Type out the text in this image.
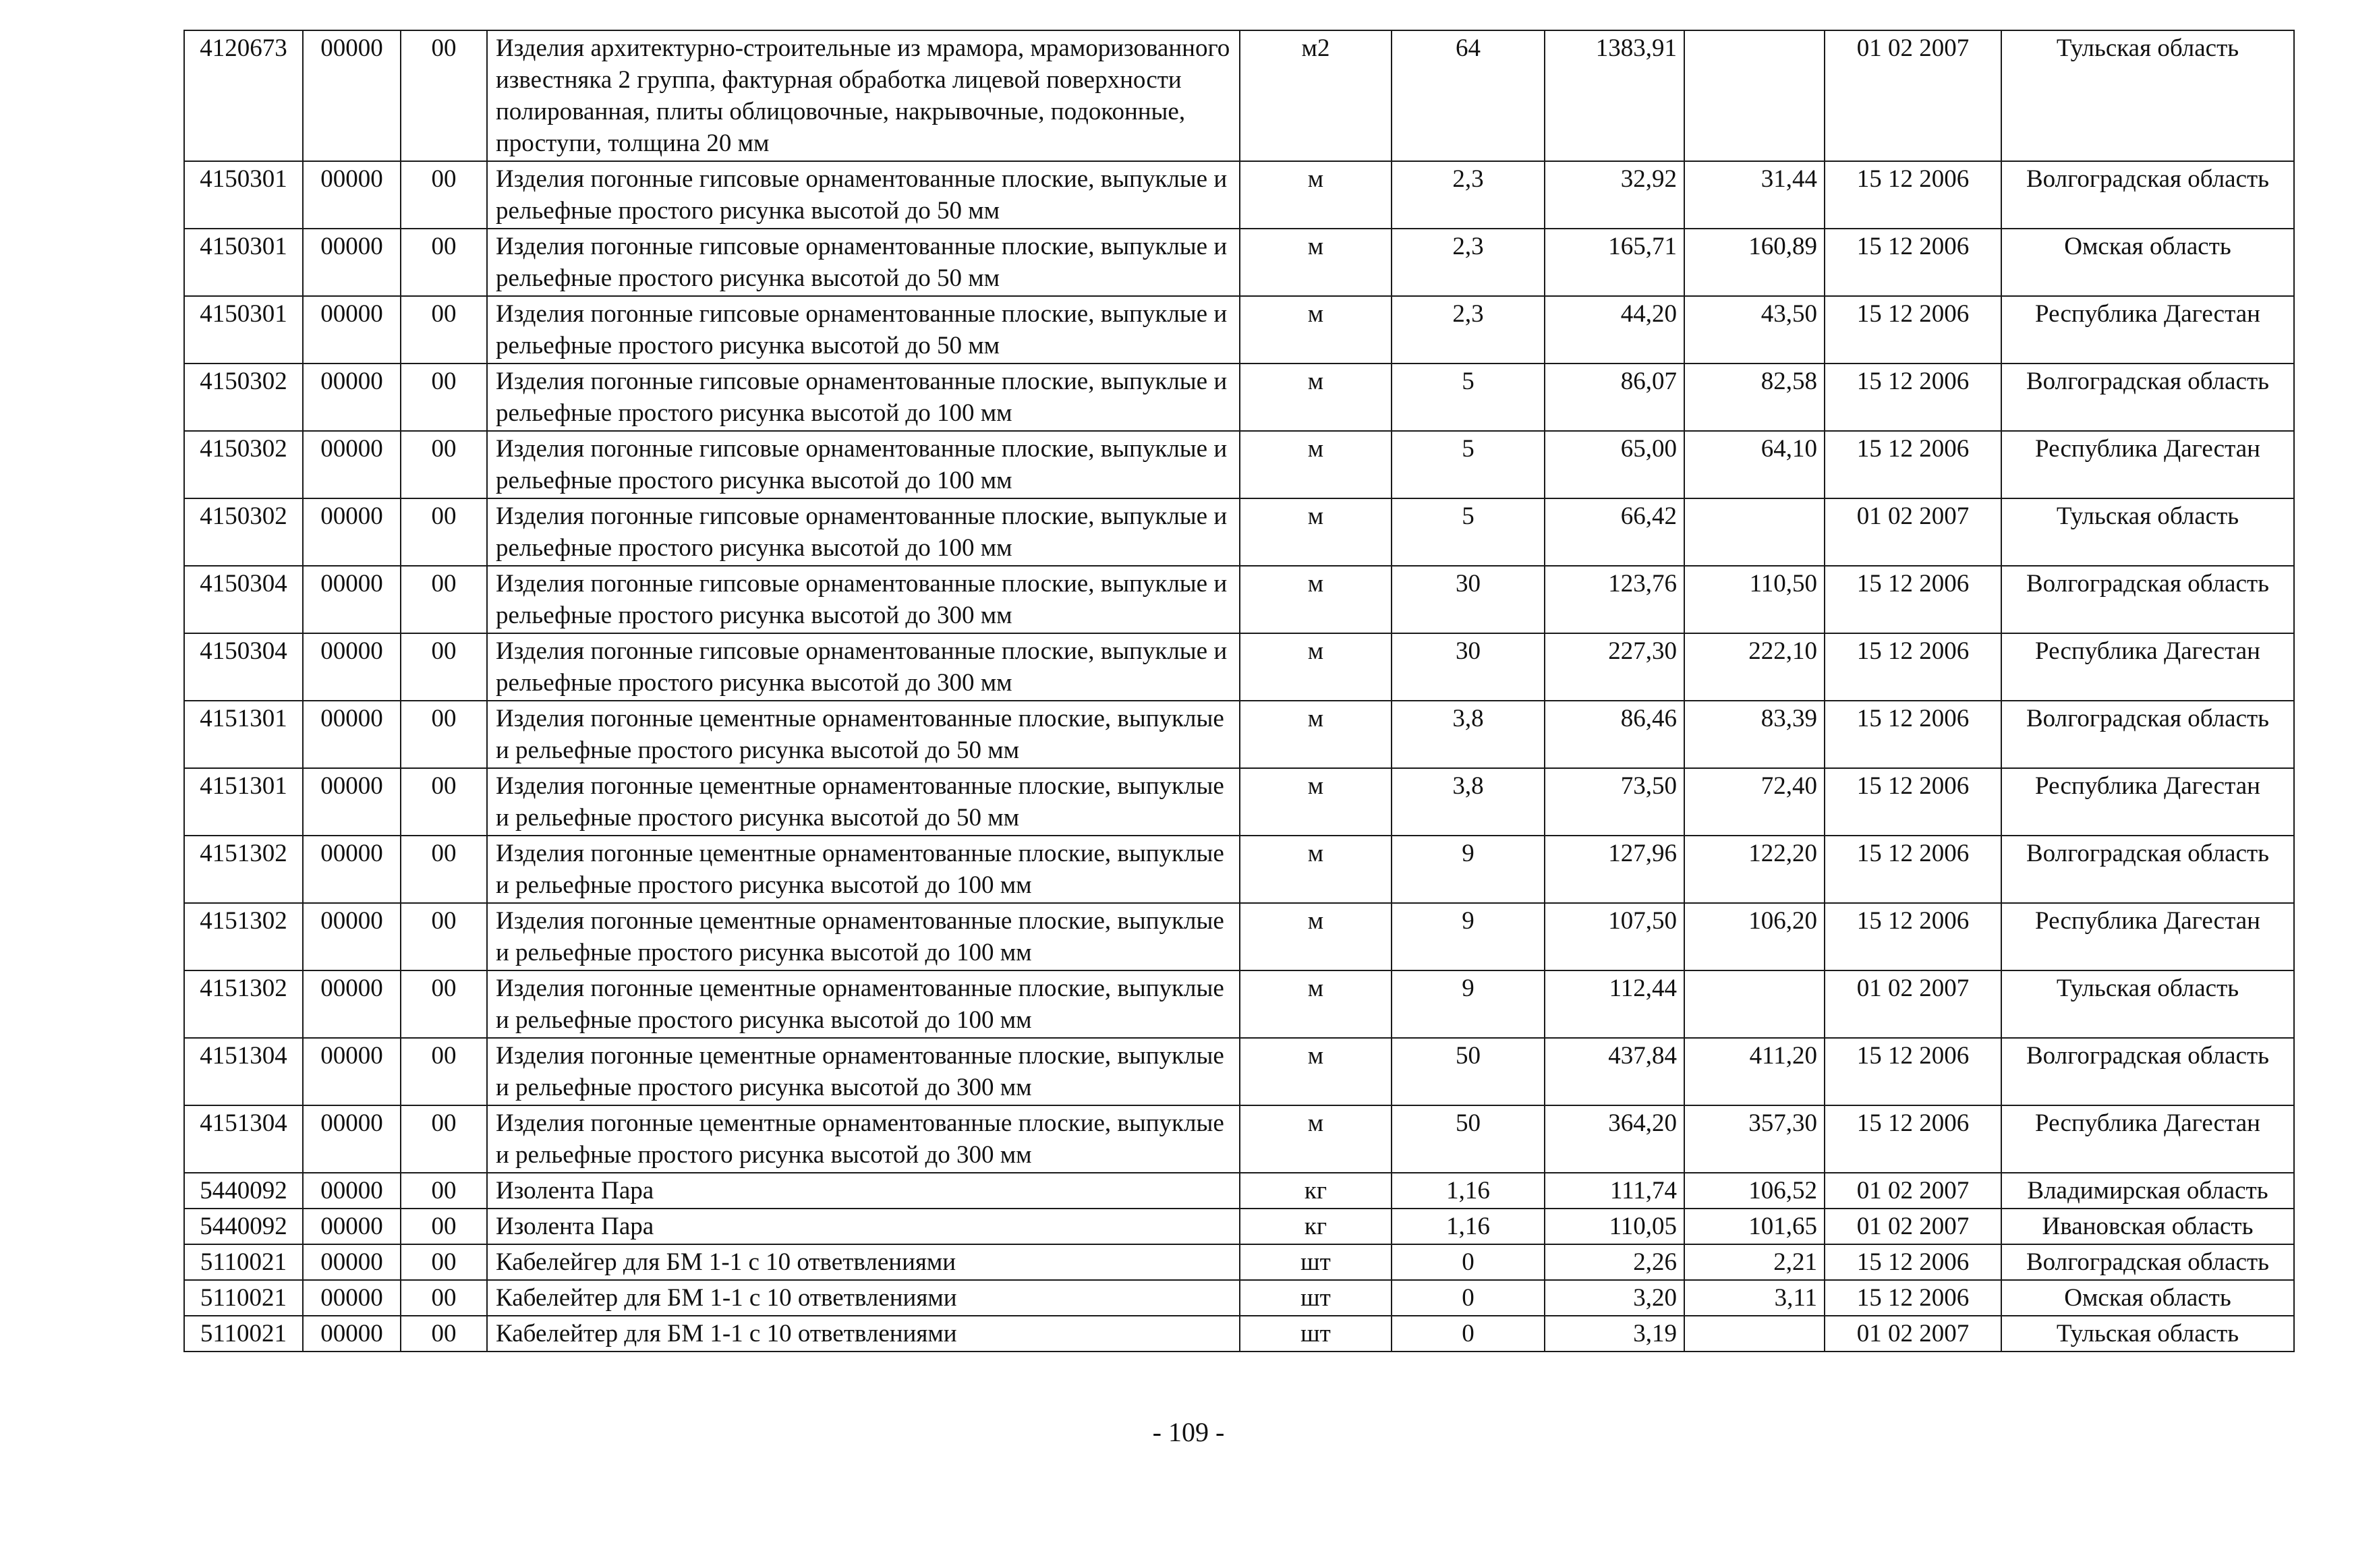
4120673	00000	00	Изделия архитектурно-строительные из мрамора, мраморизованного известняка 2 группа, фактурная обработка лицевой поверхности полированная, плиты облицовочные, накрывочные, подоконные, проступи, толщина 20 мм	м2	64	1383,91		01 02 2007	Тульская область
4150301	00000	00	Изделия погонные гипсовые орнаментованные плоские, выпуклые и рельефные простого рисунка высотой до 50 мм	м	2,3	32,92	31,44	15 12 2006	Волгоградская область
4150301	00000	00	Изделия погонные гипсовые орнаментованные плоские, выпуклые и рельефные простого рисунка высотой до 50 мм	м	2,3	165,71	160,89	15 12 2006	Омская область
4150301	00000	00	Изделия погонные гипсовые орнаментованные плоские, выпуклые и рельефные простого рисунка высотой до 50 мм	м	2,3	44,20	43,50	15 12 2006	Республика Дагестан
4150302	00000	00	Изделия погонные гипсовые орнаментованные плоские, выпуклые и рельефные простого рисунка высотой до 100 мм	м	5	86,07	82,58	15 12 2006	Волгоградская область
4150302	00000	00	Изделия погонные гипсовые орнаментованные плоские, выпуклые и рельефные простого рисунка высотой до 100 мм	м	5	65,00	64,10	15 12 2006	Республика Дагестан
4150302	00000	00	Изделия погонные гипсовые орнаментованные плоские, выпуклые и рельефные простого рисунка высотой до 100 мм	м	5	66,42		01 02 2007	Тульская область
4150304	00000	00	Изделия погонные гипсовые орнаментованные плоские, выпуклые и рельефные простого рисунка высотой до 300 мм	м	30	123,76	110,50	15 12 2006	Волгоградская область
4150304	00000	00	Изделия погонные гипсовые орнаментованные плоские, выпуклые и рельефные простого рисунка высотой до 300 мм	м	30	227,30	222,10	15 12 2006	Республика Дагестан
4151301	00000	00	Изделия погонные цементные орнаментованные плоские, выпуклые и рельефные простого рисунка высотой до 50 мм	м	3,8	86,46	83,39	15 12 2006	Волгоградская область
4151301	00000	00	Изделия погонные цементные орнаментованные плоские, выпуклые и рельефные простого рисунка высотой до 50 мм	м	3,8	73,50	72,40	15 12 2006	Республика Дагестан
4151302	00000	00	Изделия погонные цементные орнаментованные плоские, выпуклые и рельефные простого рисунка высотой до 100 мм	м	9	127,96	122,20	15 12 2006	Волгоградская область
4151302	00000	00	Изделия погонные цементные орнаментованные плоские, выпуклые и рельефные простого рисунка высотой до 100 мм	м	9	107,50	106,20	15 12 2006	Республика Дагестан
4151302	00000	00	Изделия погонные цементные орнаментованные плоские, выпуклые и рельефные простого рисунка высотой до 100 мм	м	9	112,44		01 02 2007	Тульская область
4151304	00000	00	Изделия погонные цементные орнаментованные плоские, выпуклые и рельефные простого рисунка высотой до 300 мм	м	50	437,84	411,20	15 12 2006	Волгоградская область
4151304	00000	00	Изделия погонные цементные орнаментованные плоские, выпуклые и рельефные простого рисунка высотой до 300 мм	м	50	364,20	357,30	15 12 2006	Республика Дагестан
5440092	00000	00	Изолента Пара	кг	1,16	111,74	106,52	01 02 2007	Владимирская область
5440092	00000	00	Изолента Пара	кг	1,16	110,05	101,65	01 02 2007	Ивановская область
5110021	00000	00	Кабелейгер для БМ 1-1 с 10 ответвлениями	шт	0	2,26	2,21	15 12 2006	Волгоградская область
5110021	00000	00	Кабелейтер для БМ 1-1 с 10 ответвлениями	шт	0	3,20	3,11	15 12 2006	Омская область
5110021	00000	00	Кабелейтер для БМ 1-1 с 10 ответвлениями	шт	0	3,19		01 02 2007	Тульская область
- 109 -
